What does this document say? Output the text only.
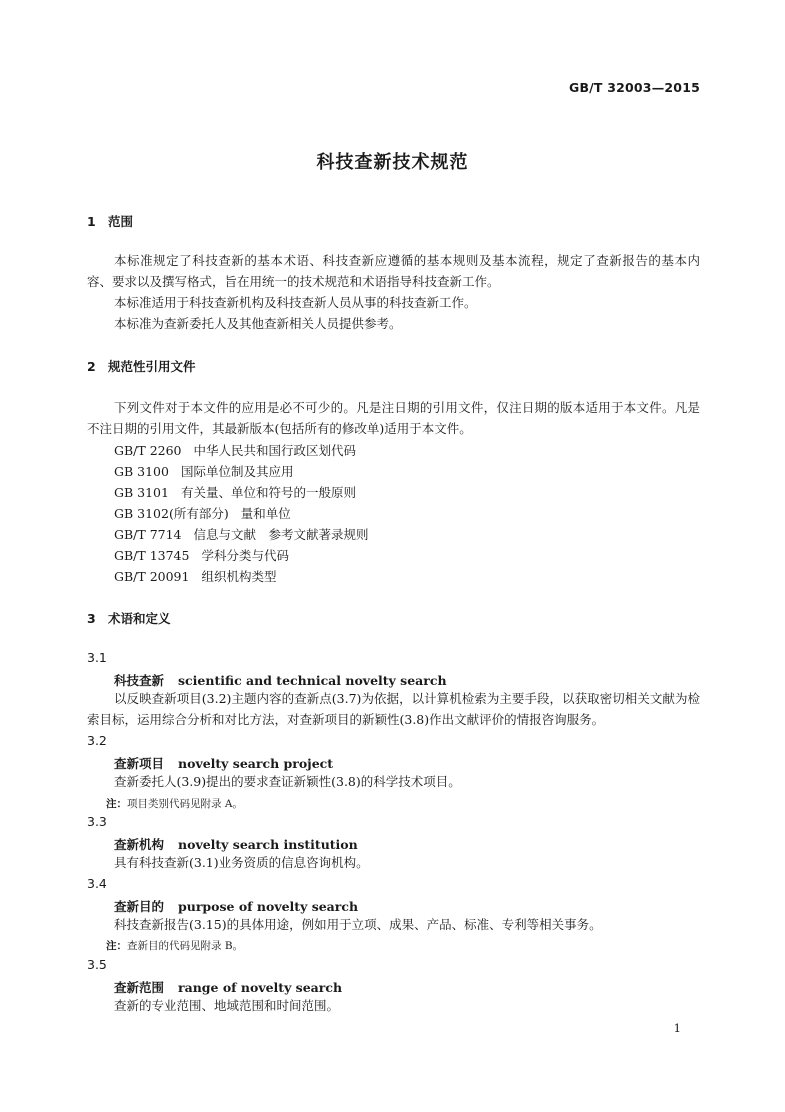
GB/T 32003—2015
科技查新技术规范
1 范围
本标准规定了科技查新的基本术语、科技查新应遵循的基本规则及基本流程，规定了查新报告的基本内容、要求以及撰写格式，旨在用统一的技术规范和术语指导科技查新工作。
本标准适用于科技查新机构及科技查新人员从事的科技查新工作。
本标准为查新委托人及其他查新相关人员提供参考。
2 规范性引用文件
下列文件对于本文件的应用是必不可少的。凡是注日期的引用文件，仅注日期的版本适用于本文件。凡是不注日期的引用文件，其最新版本(包括所有的修改单)适用于本文件。
GB/T 2260 中华人民共和国行政区划代码
GB 3100 国际单位制及其应用
GB 3101 有关量、单位和符号的一般原则
GB 3102(所有部分) 量和单位
GB/T 7714 信息与文献　参考文献著录规则
GB/T 13745 学科分类与代码
GB/T 20091 组织机构类型
3 术语和定义
3.1
科技查新 scientific and technical novelty search
以反映查新项目(3.2)主题内容的查新点(3.7)为依据，以计算机检索为主要手段，以获取密切相关文献为检索目标，运用综合分析和对比方法，对查新项目的新颖性(3.8)作出文献评价的情报咨询服务。
3.2
查新项目 novelty search project
查新委托人(3.9)提出的要求查证新颖性(3.8)的科学技术项目。
注：项目类别代码见附录 A。
3.3
查新机构 novelty search institution
具有科技查新(3.1)业务资质的信息咨询机构。
3.4
查新目的 purpose of novelty search
科技查新报告(3.15)的具体用途，例如用于立项、成果、产品、标准、专利等相关事务。
注：查新目的代码见附录 B。
3.5
查新范围 range of novelty search
查新的专业范围、地域范围和时间范围。
1
